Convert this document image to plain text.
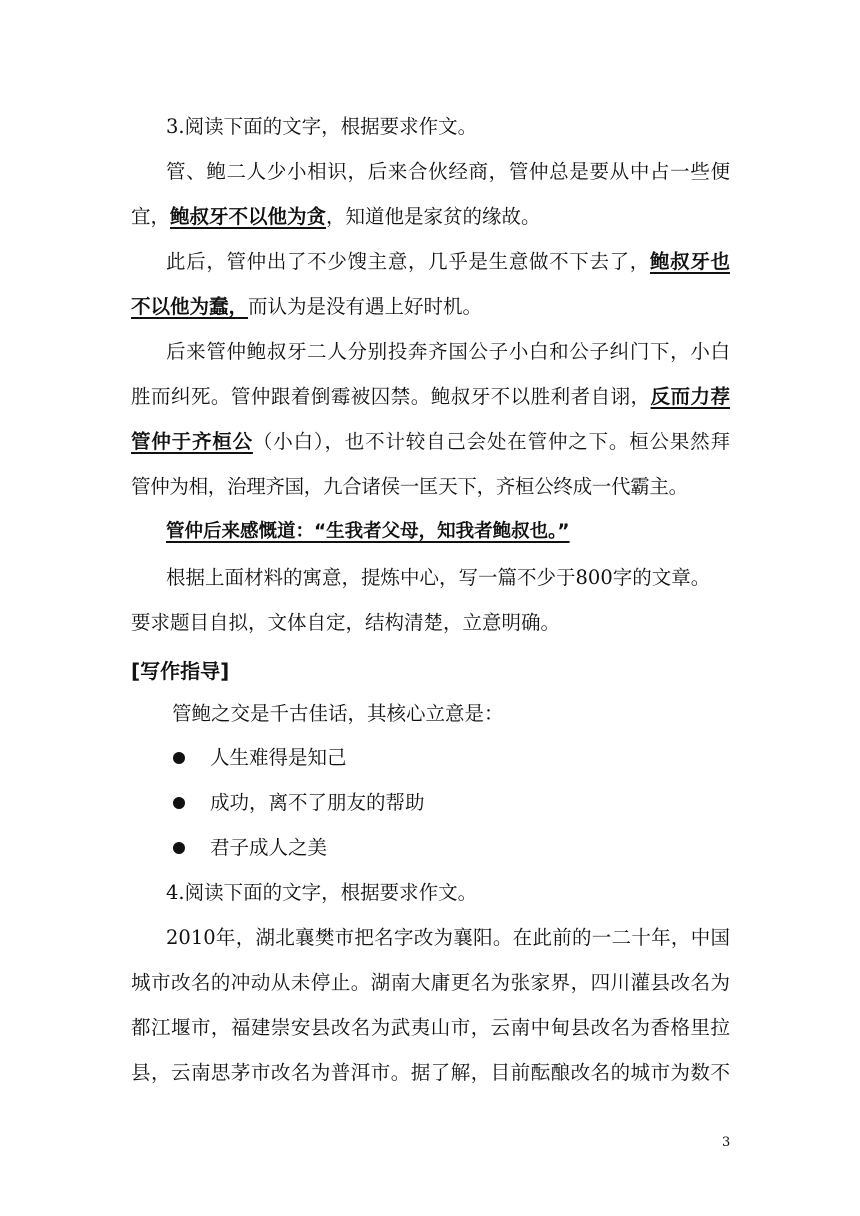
3.阅读下面的文字，根据要求作文。
管、鲍二人少小相识，后来合伙经商，管仲总是要从中占一些便
宜，鲍叔牙不以他为贪，知道他是家贫的缘故。
此后，管仲出了不少馊主意，几乎是生意做不下去了，鲍叔牙也
不以他为蠢，而认为是没有遇上好时机。
后来管仲鲍叔牙二人分别投奔齐国公子小白和公子纠门下，小白
胜而纠死。管仲跟着倒霉被囚禁。鲍叔牙不以胜利者自诩，反而力荐
管仲于齐桓公（小白），也不计较自己会处在管仲之下。桓公果然拜
管仲为相，治理齐国，九合诸侯一匡天下，齐桓公终成一代霸主。
管仲后来感慨道：“生我者父母，知我者鲍叔也。”
根据上面材料的寓意，提炼中心，写一篇不少于800字的文章。
要求题目自拟，文体自定，结构清楚，立意明确。
[写作指导]
管鲍之交是千古佳话，其核心立意是：
人生难得是知己
成功，离不了朋友的帮助
君子成人之美
4.阅读下面的文字，根据要求作文。
2010年，湖北襄樊市把名字改为襄阳。在此前的一二十年，中国
城市改名的冲动从未停止。湖南大庸更名为张家界，四川灌县改名为
都江堰市，福建崇安县改名为武夷山市，云南中甸县改名为香格里拉
县，云南思茅市改名为普洱市。据了解，目前酝酿改名的城市为数不
3
